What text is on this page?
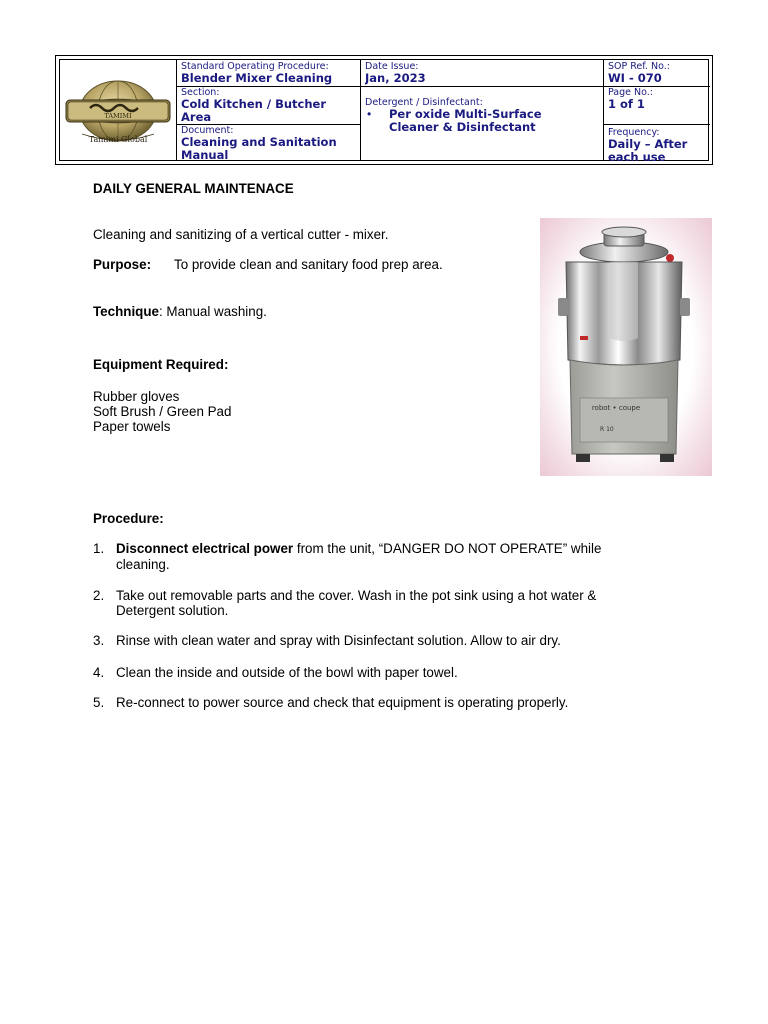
TAMIMI
Tamimi Global
Standard Operating Procedure:
Blender Mixer Cleaning
Section:
Cold Kitchen / Butcher
Area
Document:
Cleaning and Sanitation
Manual
Date Issue:
Jan, 2023
Detergent / Disinfectant:
•	Per oxide Multi-Surface
Cleaner & Disinfectant
SOP Ref. No.:
WI - 070
Page No.:
1 of 1
Frequency:
Daily – After
each use
DAILY GENERAL MAINTENACE
Cleaning and sanitizing of a vertical cutter - mixer.
Purpose: To provide clean and sanitary food prep area.
Technique: Manual washing.
Equipment Required:
Rubber gloves
Soft Brush / Green Pad
Paper towels
robot • coupe
R 10
Procedure:
1. Disconnect electrical power from the unit, “DANGER DO NOT OPERATE” while
cleaning.
2. Take out removable parts and the cover. Wash in the pot sink using a hot water &
Detergent solution.
3. Rinse with clean water and spray with Disinfectant solution. Allow to air dry.
4. Clean the inside and outside of the bowl with paper towel.
5. Re-connect to power source and check that equipment is operating properly.
